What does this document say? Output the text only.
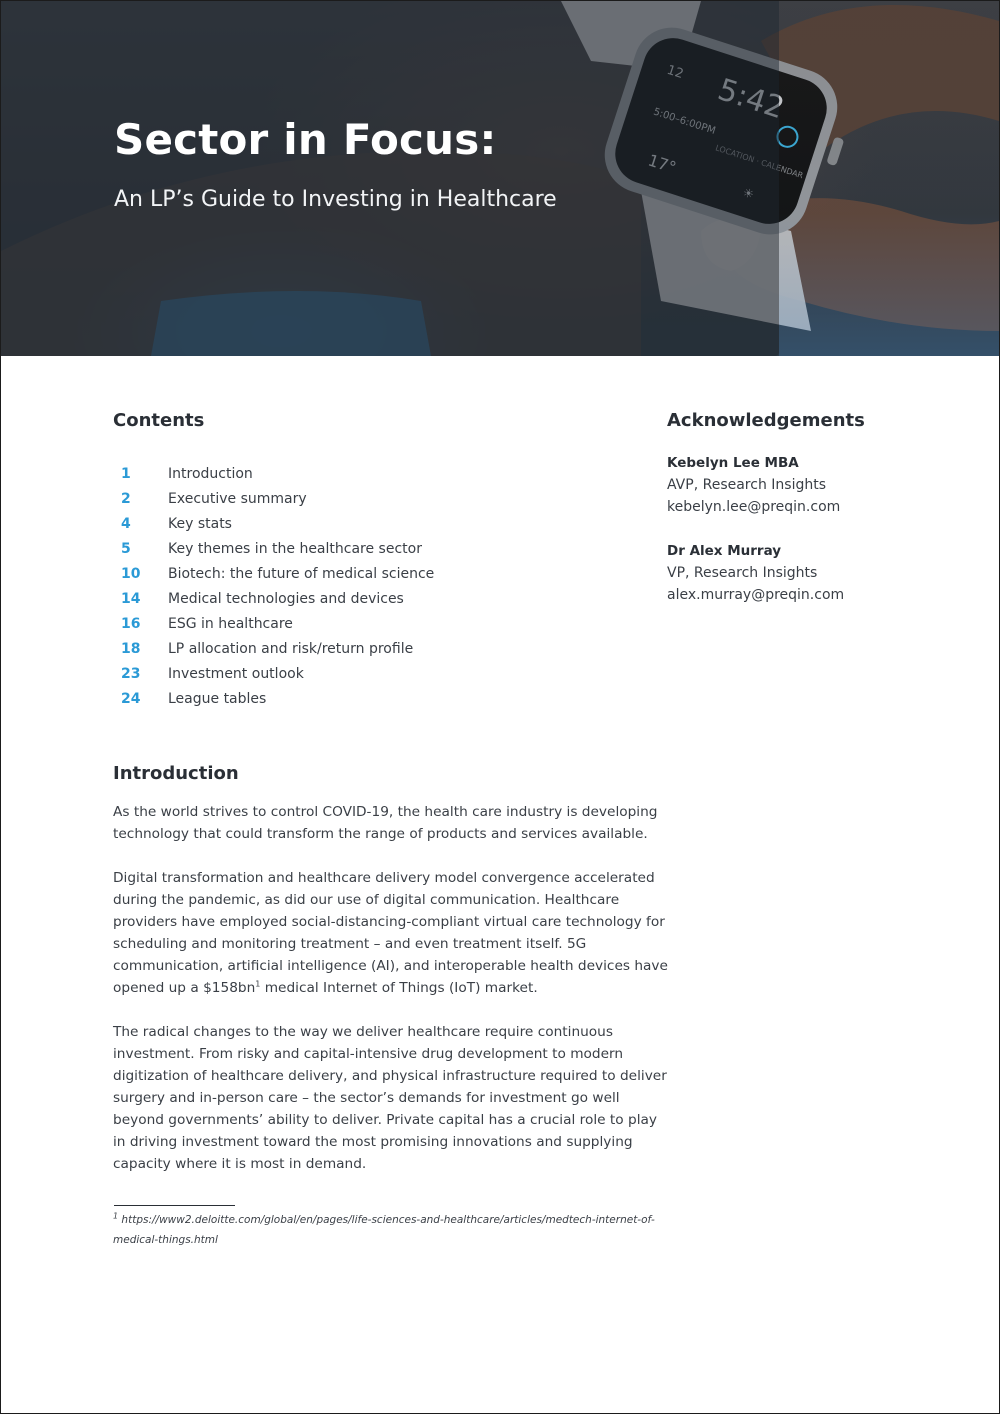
Sector in Focus:
An LP’s Guide to Investing in Healthcare
Contents
1	Introduction
2	Executive summary
4	Key stats
5	Key themes in the healthcare sector
10	Biotech: the future of medical science
14	Medical technologies and devices
16	ESG in healthcare
18	LP allocation and risk/return profile
23	Investment outlook
24	League tables
Acknowledgements
Kebelyn Lee MBA
AVP, Research Insights
kebelyn.lee@preqin.com
Dr Alex Murray
VP, Research Insights
alex.murray@preqin.com
Introduction

As the world strives to control COVID-19, the health care industry is developing technology that could transform the range of products and services available.

Digital transformation and healthcare delivery model convergence accelerated during the pandemic, as did our use of digital communication. Healthcare providers have employed social-distancing-compliant virtual care technology for scheduling and monitoring treatment – and even treatment itself. 5G communication, artificial intelligence (AI), and interoperable health devices have opened up a $\$158bn^1$ medical Internet of Things (IoT) market.

The radical changes to the way we deliver healthcare require continuous investment. From risky and capital-intensive drug development to modern digitization of healthcare delivery, and physical infrastructure required to deliver surgery and in-person care – the sector’s demands for investment go well beyond governments’ ability to deliver. Private capital has a crucial role to play in driving investment toward the most promising innovations and supplying capacity where it is most in demand.

$^1$ https://www2.deloitte.com/global/en/pages/life-sciences-and-healthcare/articles/medtech-internet-of-medical-things.html
